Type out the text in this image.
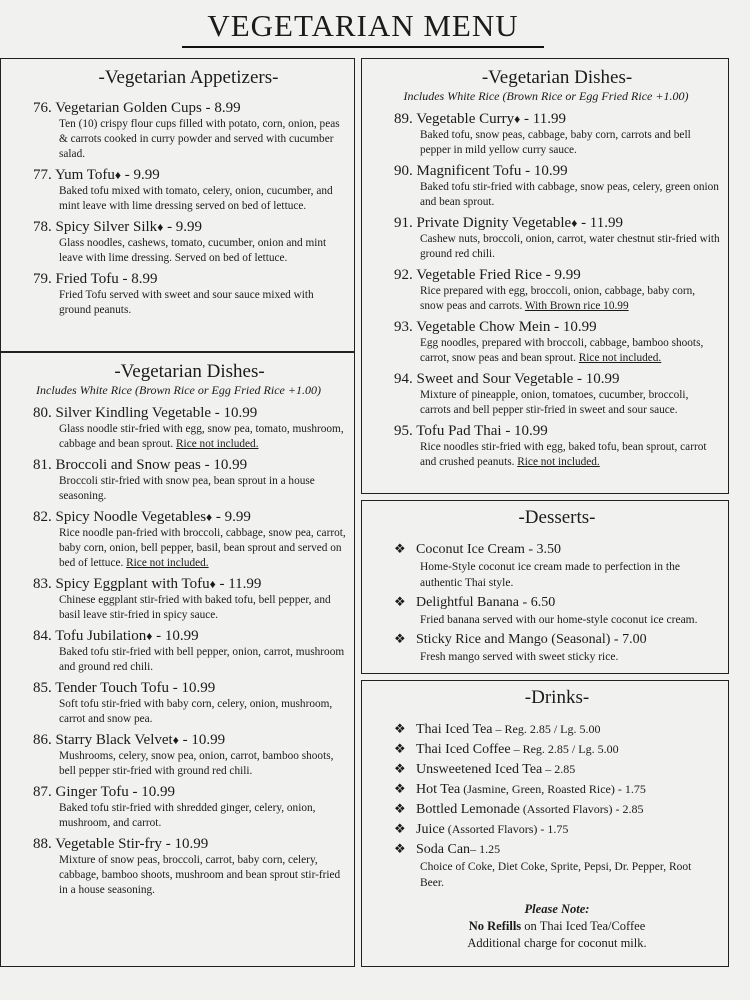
VEGETARIAN MENU
-Vegetarian Appetizers-
76. Vegetarian Golden Cups - 8.99
Ten (10) crispy flour cups filled with potato, corn, onion, peas & carrots cooked in curry powder and served with cucumber salad.
77. Yum Tofu♦ - 9.99
Baked tofu mixed with tomato, celery, onion, cucumber, and mint leave with lime dressing served on bed of lettuce.
78. Spicy Silver Silk♦ - 9.99
Glass noodles, cashews, tomato, cucumber, onion and mint leave with lime dressing. Served on bed of lettuce.
79. Fried Tofu - 8.99
Fried Tofu served with sweet and sour sauce mixed with ground peanuts.
-Vegetarian Dishes-
Includes White Rice (Brown Rice or Egg Fried Rice +1.00)
80. Silver Kindling Vegetable - 10.99
Glass noodle stir-fried with egg, snow pea, tomato, mushroom, cabbage and bean sprout. Rice not included.
81. Broccoli and Snow peas - 10.99
Broccoli stir-fried with snow pea, bean sprout in a house seasoning.
82. Spicy Noodle Vegetables♦ - 9.99
Rice noodle pan-fried with broccoli, cabbage, snow pea, carrot, baby corn, onion, bell pepper, basil, bean sprout and served on bed of lettuce. Rice not included.
83. Spicy Eggplant with Tofu♦ - 11.99
Chinese eggplant stir-fried with baked tofu, bell pepper, and basil leave stir-fried in spicy sauce.
84. Tofu Jubilation♦ - 10.99
Baked tofu stir-fried with bell pepper, onion, carrot, mushroom and ground red chili.
85. Tender Touch Tofu - 10.99
Soft tofu stir-fried with baby corn, celery, onion, mushroom, carrot and snow pea.
86. Starry Black Velvet♦ - 10.99
Mushrooms, celery, snow pea, onion, carrot, bamboo shoots, bell pepper stir-fried with ground red chili.
87. Ginger Tofu - 10.99
Baked tofu stir-fried with shredded ginger, celery, onion, mushroom, and carrot.
88. Vegetable Stir-fry - 10.99
Mixture of snow peas, broccoli, carrot, baby corn, celery, cabbage, bamboo shoots, mushroom and bean sprout stir-fried in a house seasoning.
-Vegetarian Dishes-
Includes White Rice (Brown Rice or Egg Fried Rice +1.00)
89. Vegetable Curry♦ - 11.99
Baked tofu, snow peas, cabbage, baby corn, carrots and bell pepper in mild yellow curry sauce.
90. Magnificent Tofu - 10.99
Baked tofu stir-fried with cabbage, snow peas, celery, green onion and bean sprout.
91. Private Dignity Vegetable♦ - 11.99
Cashew nuts, broccoli, onion, carrot, water chestnut stir-fried with ground red chili.
92. Vegetable Fried Rice - 9.99
Rice prepared with egg, broccoli, onion, cabbage, baby corn, snow peas and carrots. With Brown rice 10.99
93. Vegetable Chow Mein - 10.99
Egg noodles, prepared with broccoli, cabbage, bamboo shoots, carrot, snow peas and bean sprout. Rice not included.
94. Sweet and Sour Vegetable - 10.99
Mixture of pineapple, onion, tomatoes, cucumber, broccoli, carrots and bell pepper stir-fried in sweet and sour sauce.
95. Tofu Pad Thai - 10.99
Rice noodles stir-fried with egg, baked tofu, bean sprout, carrot and crushed peanuts. Rice not included.
-Desserts-
❖ Coconut Ice Cream - 3.50
Home-Style coconut ice cream made to perfection in the authentic Thai style.
❖ Delightful Banana - 6.50
Fried banana served with our home-style coconut ice cream.
❖ Sticky Rice and Mango (Seasonal) - 7.00
Fresh mango served with sweet sticky rice.
-Drinks-
❖ Thai Iced Tea – Reg. 2.85 / Lg. 5.00
❖ Thai Iced Coffee – Reg. 2.85 / Lg. 5.00
❖ Unsweetened Iced Tea – 2.85
❖ Hot Tea (Jasmine, Green, Roasted Rice) - 1.75
❖ Bottled Lemonade (Assorted Flavors) - 2.85
❖ Juice (Assorted Flavors) - 1.75
❖ Soda Can– 1.25
Choice of Coke, Diet Coke, Sprite, Pepsi, Dr. Pepper, Root Beer.
Please Note:
No Refills on Thai Iced Tea/Coffee
Additional charge for coconut milk.
